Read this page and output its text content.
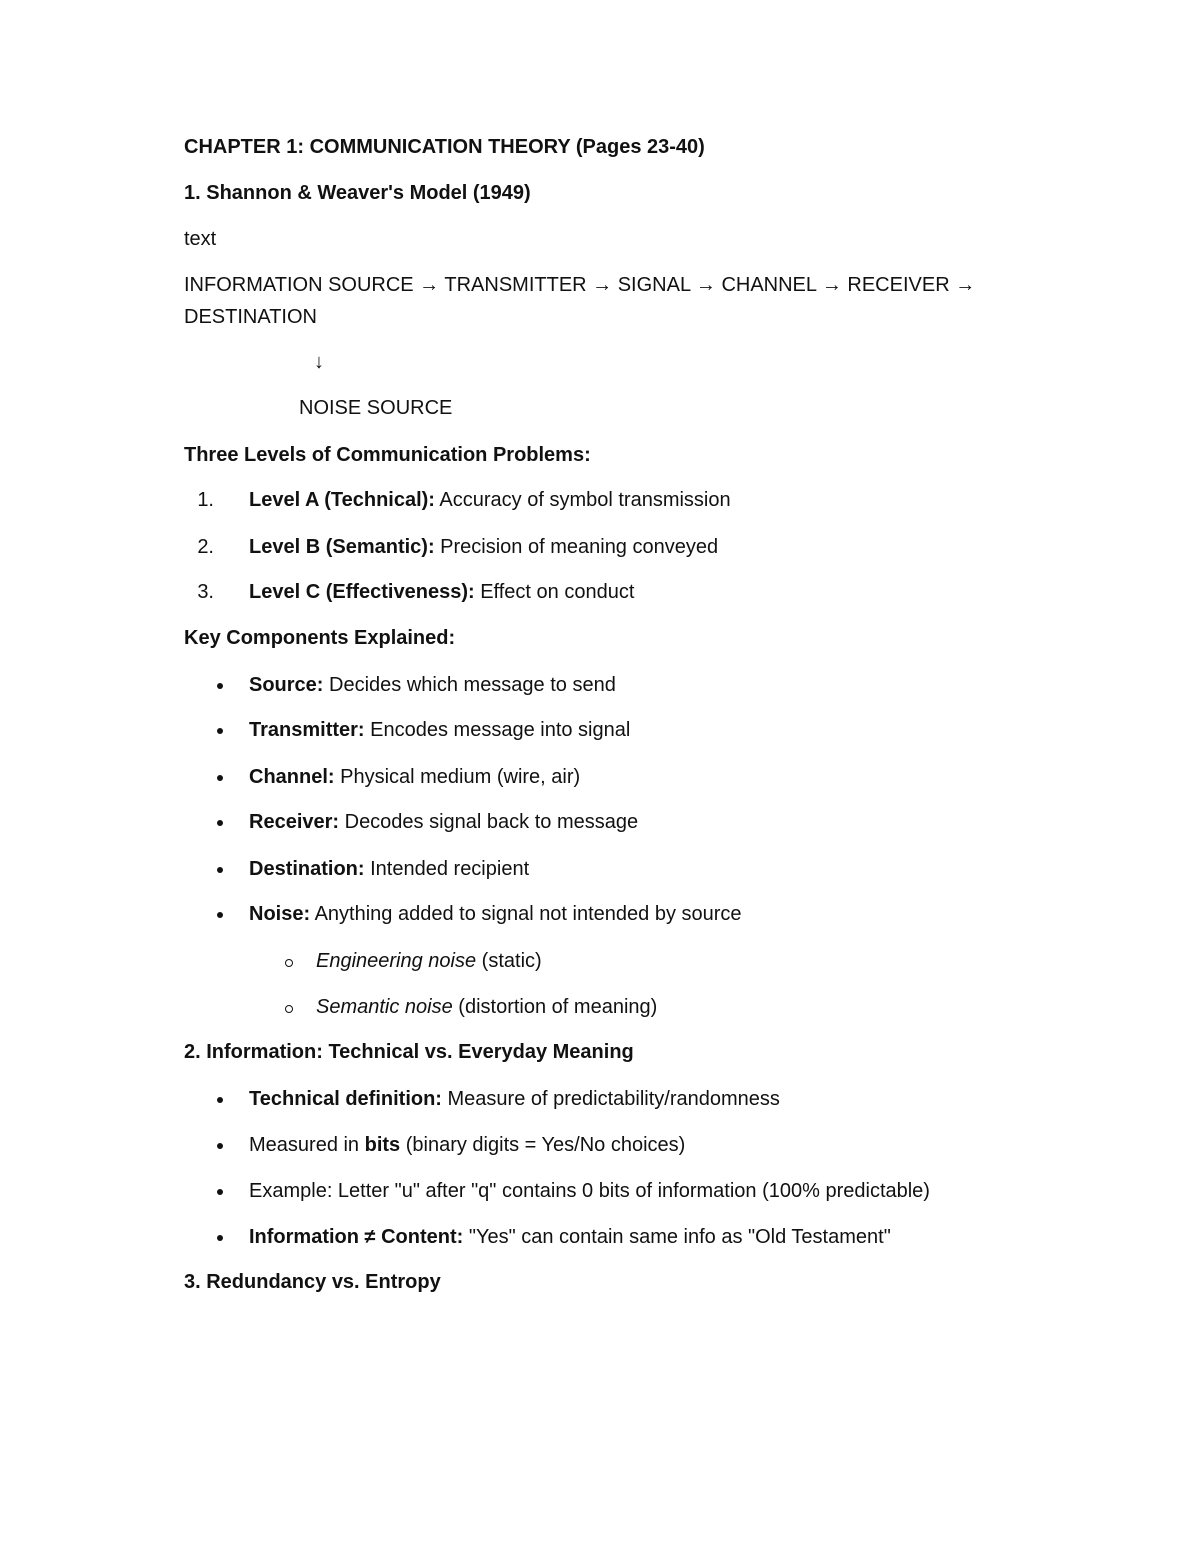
CHAPTER 1: COMMUNICATION THEORY (Pages 23-40)
1. Shannon & Weaver's Model (1949)
text
INFORMATION SOURCE → TRANSMITTER → SIGNAL → CHANNEL → RECEIVER →
DESTINATION
↓
NOISE SOURCE
Three Levels of Communication Problems:
1. Level A (Technical): Accuracy of symbol transmission
2. Level B (Semantic): Precision of meaning conveyed
3. Level C (Effectiveness): Effect on conduct
Key Components Explained:
Source: Decides which message to send
Transmitter: Encodes message into signal
Channel: Physical medium (wire, air)
Receiver: Decodes signal back to message
Destination: Intended recipient
Noise: Anything added to signal not intended by source
Engineering noise (static)
Semantic noise (distortion of meaning)
2. Information: Technical vs. Everyday Meaning
Technical definition: Measure of predictability/randomness
Measured in bits (binary digits = Yes/No choices)
Example: Letter "u" after "q" contains 0 bits of information (100% predictable)
Information ≠ Content: "Yes" can contain same info as "Old Testament"
3. Redundancy vs. Entropy
